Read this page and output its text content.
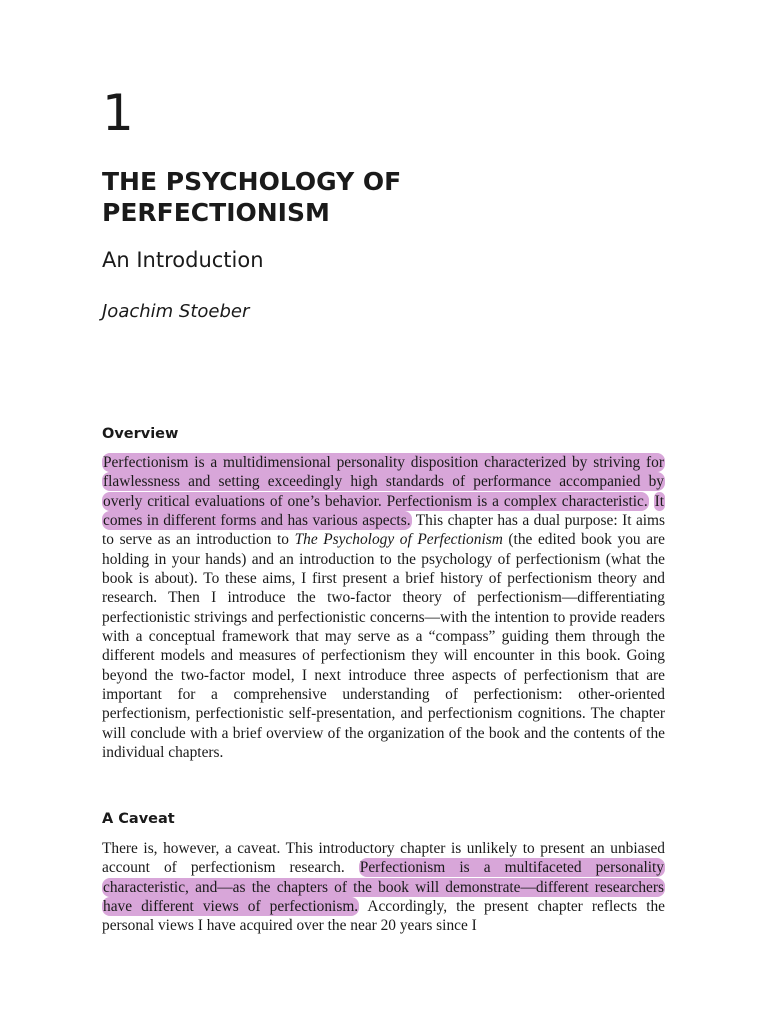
1
THE PSYCHOLOGY OF PERFECTIONISM
An Introduction
Joachim Stoeber
Overview

Perfectionism is a multidimensional personality disposition characterized by striving for flawlessness and setting exceedingly high standards of performance accompanied by overly critical evaluations of one’s behavior. Perfectionism is a complex characteristic. It comes in different forms and has various aspects. This chapter has a dual purpose: It aims to serve as an introduction to The Psychology of Perfectionism (the edited book you are holding in your hands) and an introduction to the psychology of perfectionism (what the book is about). To these aims, I first present a brief history of perfectionism theory and research. Then I introduce the two-factor theory of perfectionism—differentiating perfectionistic strivings and perfectionistic concerns—with the intention to provide readers with a conceptual framework that may serve as a “compass” guiding them through the different models and measures of perfectionism they will encounter in this book. Going beyond the two-factor model, I next introduce three aspects of perfectionism that are important for a comprehensive understanding of perfectionism: other-oriented perfectionism, perfectionistic self-presentation, and perfectionism cognitions. The chapter will conclude with a brief overview of the organization of the book and the contents of the individual chapters.

A Caveat

There is, however, a caveat. This introductory chapter is unlikely to present an unbiased account of perfectionism research. Perfectionism is a multifaceted personality characteristic, and—as the chapters of the book will demonstrate—different researchers have different views of perfectionism. Accordingly, the present chapter reflects the personal views I have acquired over the near 20 years since I
